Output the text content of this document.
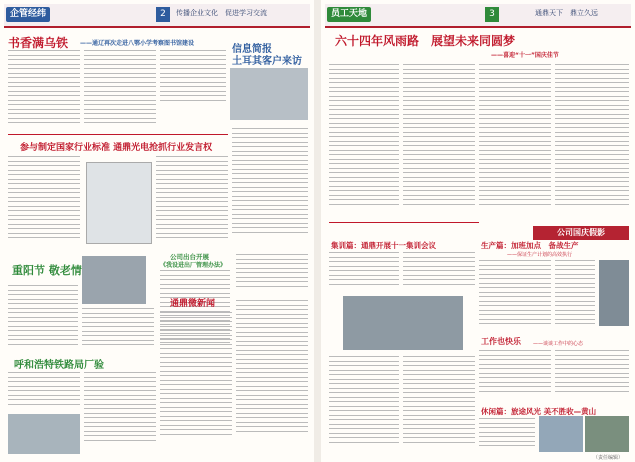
企管经纬	2	传播企业文化　促进学习交流
书香满乌铁 ——通辽再次走进八鄂小学考察图书馆建设
信息简报
土耳其客户来访
参与制定国家行业标准 通鼎光电抢抓行业发言权
重阳节 敬老情
公司出台开展
《我设进出厂管理办法》
通鼎微新闻
呼和浩特铁路局厂验
员工天地	3	通鼎天下　鼎立久远
六十四年风雨路　展望未来同圆梦
——喜迎“十一”国庆佳节
公司国庆假影
集训篇：通鼎开展十一集训会议	生产篇：加班加点　备战生产
——保证生产计划的高效执行
工作也快乐 ——谈谈工作中的心态
休闲篇：旅途风光 美不胜收—黄山
（责任编辑）
